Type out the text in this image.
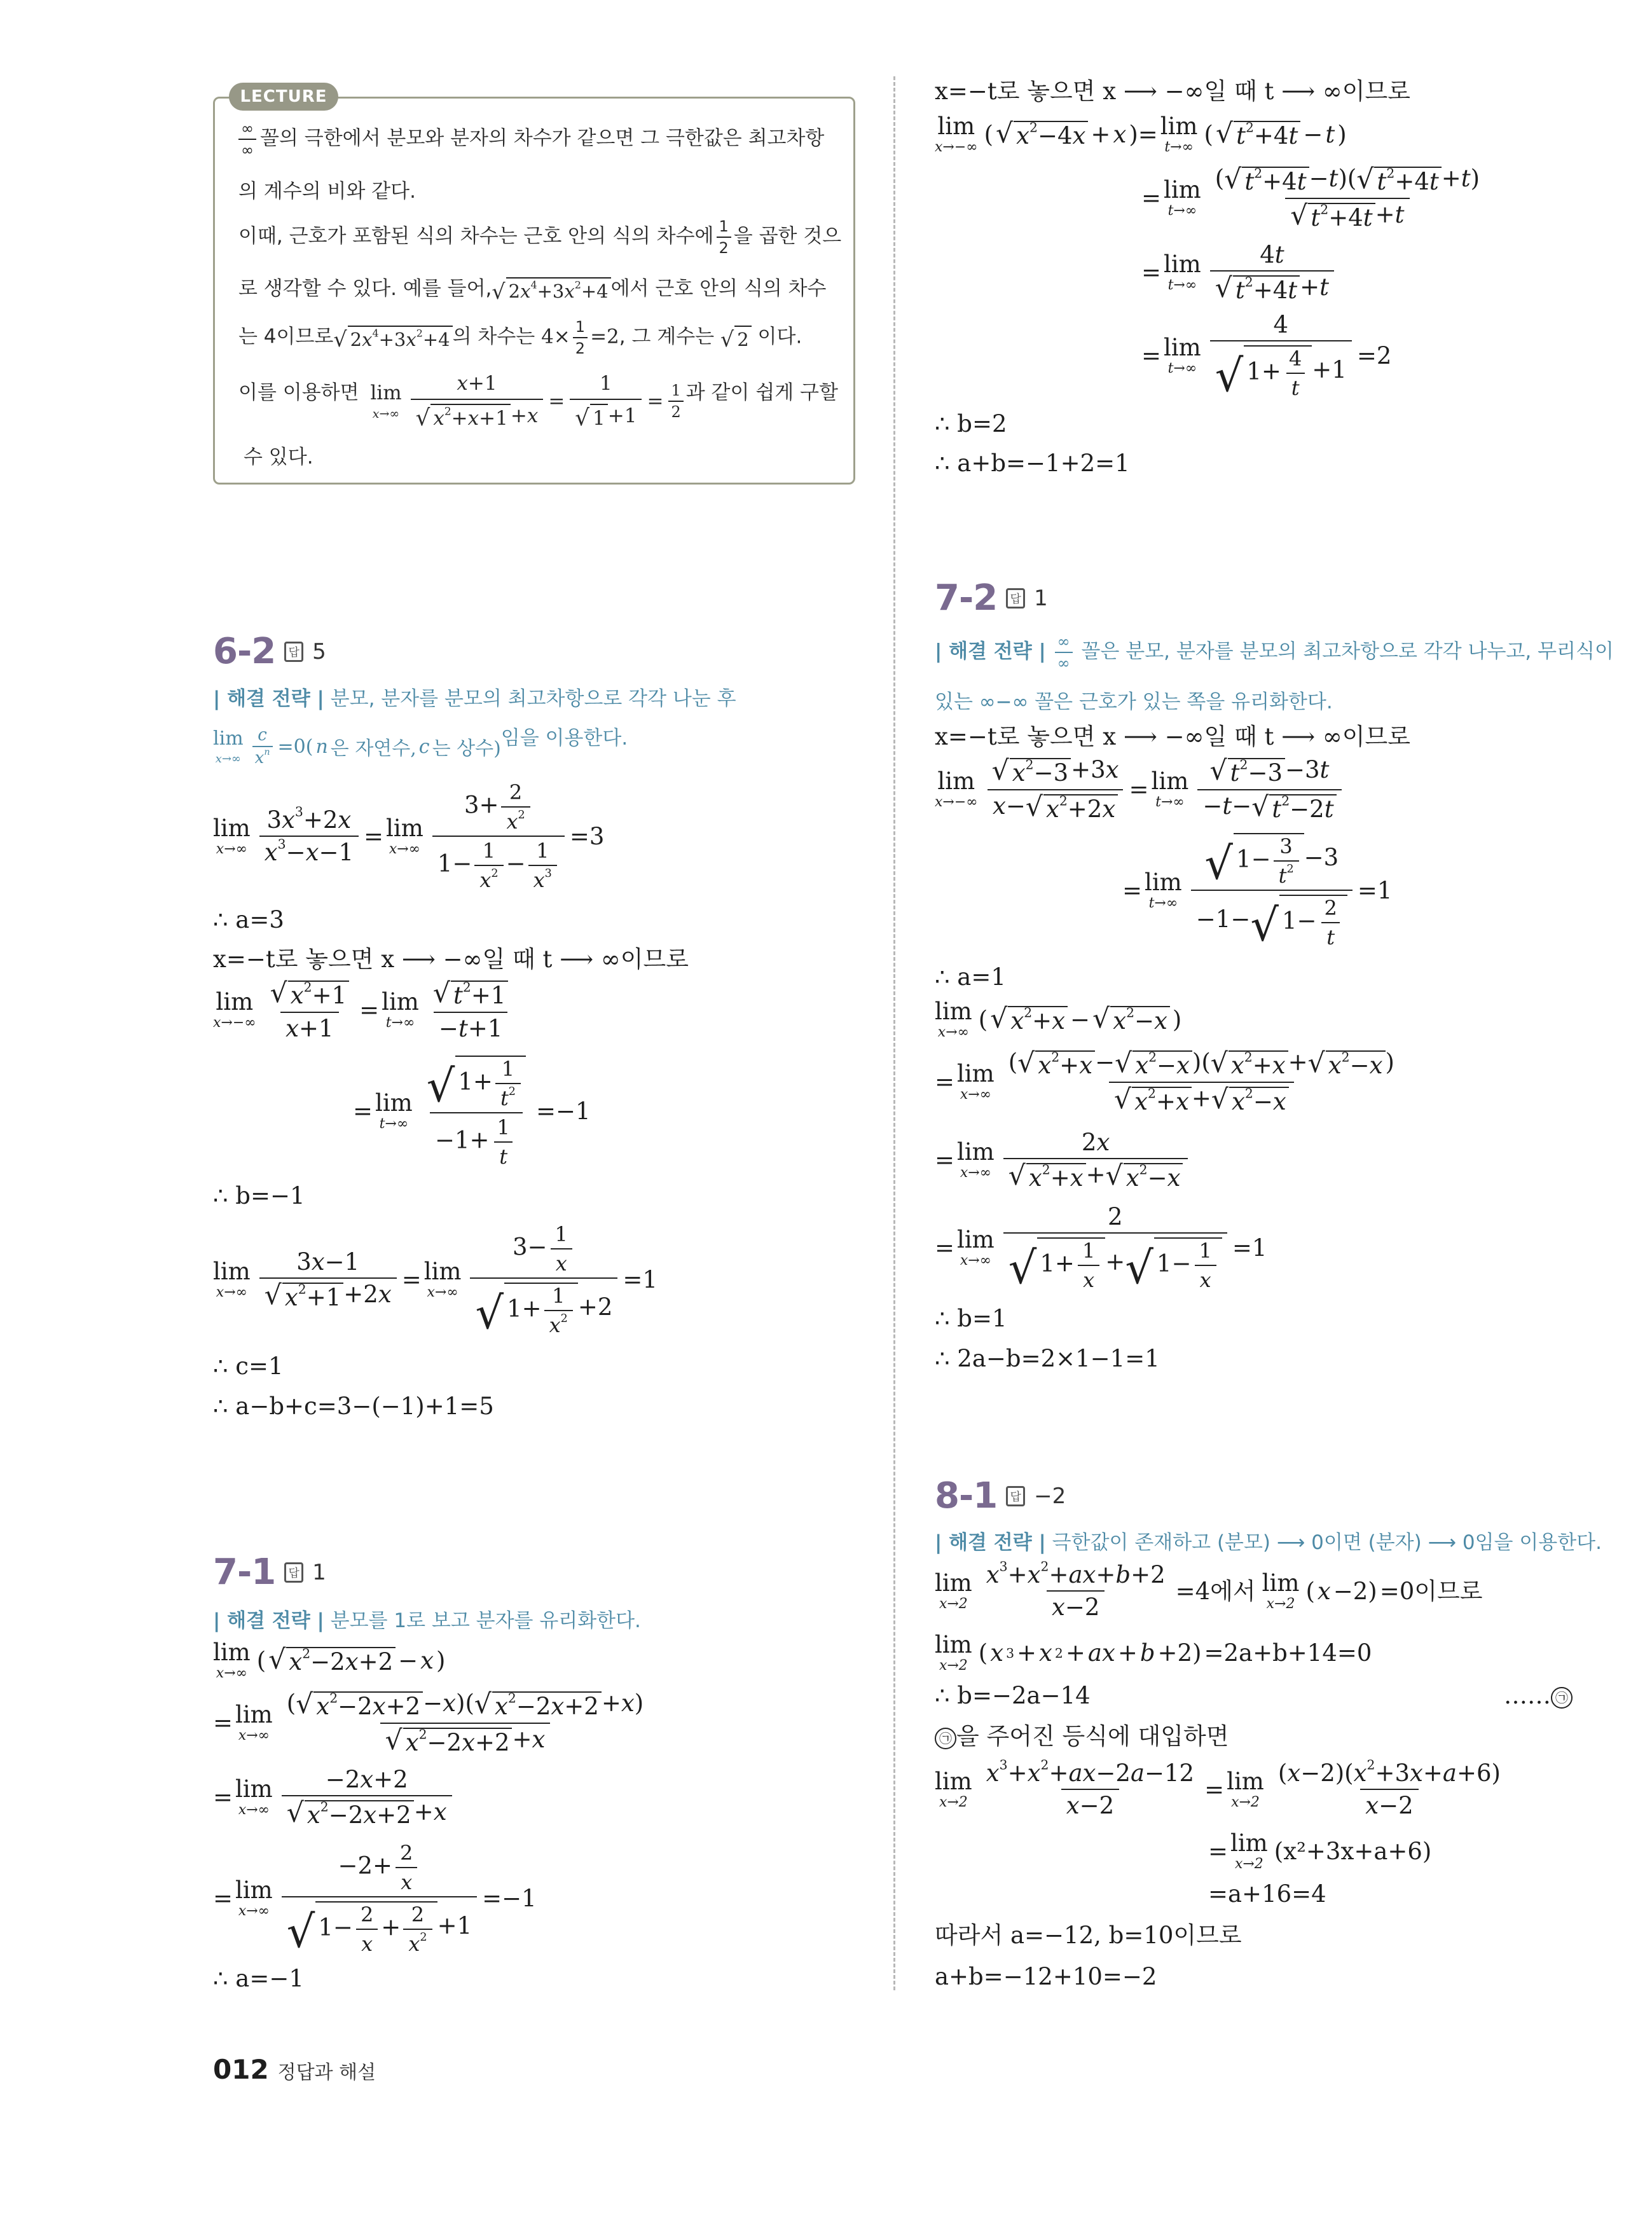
LECTURE
$\frac{\infty}{\infty}$ 꼴의 극한에서 분모와 분자의 차수가 같으면 그 극한값은 최고차항
의 계수의 비와 같다.
이때, 근호가 포함된 식의 차수는 근호 안의 식의 차수에 $\frac{1}{2}$ 을 곱한 것으
로 생각할 수 있다. 예를 들어, √ $2x^4+3x^2+4$ 에서 근호 안의 식의 차수
는 4이므로 √ $2x^4+3x^2+4$ 의 차수는 $4\times \frac{1}{2} =2$, 그 계수는 √ 2 이다.
이를 이용하면 lim
$x\to\infty \frac{x+1}{√ x^2+x+1 +x} = \frac{1}{√ 1 +1} = \frac{1}{2}$ 과 같이 쉽게 구할
수 있다.
6-2	답 5
| 해결 전략 | 분모, 분자를 분모의 최고차항으로 각각 나눈 후
lim
$x\to\infty \frac{c}{x^n} =0$( n 은 자연수, c 는 상수)임을 이용한다.
lim
$x\to\infty \frac{3x^3+2x}{x^3-x-1} = \lim$
$x\to\infty \frac{3+ \frac{2}{x^2}}{1- \frac{1}{x^2} - \frac{1}{x^3}} =3$
∴ a=3
x=−t로 놓으면 x ⟶ −∞일 때 t ⟶ ∞이므로
lim
$x\to-\infty \frac{√ x^2+1}{x+1} = \lim$
$t\to\infty \frac{√ t^2+1}{-t+1}$
= lim
$t\to\infty \frac{√ 1+ \frac{1}{t^2}}{-1+ \frac{1}{t}} =-1$
∴ b=−1
lim
$x\to\infty \frac{3x-1}{√ x^2+1 +2x} = \lim$
$x\to\infty \frac{3- \frac{1}{x}}{√ 1+ \frac{1}{x^2} +2} =1$
∴ c=1
∴ a−b+c=3−(−1)+1=5
7-1	답 1
| 해결 전략 | 분모를 1로 보고 분자를 유리화한다.
lim
x→∞ ( √ $x^2-2x+2 - x$ )
= lim
$x\to\infty \frac{( √ x^2-2x+2 -x)( √ x^2-2x+2 +x)}{√ x^2-2x+2 +x}$
= lim
$x\to\infty \frac{-2x+2}{√ x^2-2x+2 +x}$
= lim
$x\to\infty \frac{-2+ \frac{2}{x}}{√ 1- \frac{2}{x} + \frac{2}{x^2} +1} =-1$
∴ a=−1
x=−t로 놓으면 x ⟶ −∞일 때 t ⟶ ∞이므로
lim
x→−∞ ( √ $x^2-4x + x$ )= lim
t→∞ ( √ $t^2+4t - t$ )
= lim
$t\to\infty \frac{( √ t^2+4t -t)( √ t^2+4t +t)}{√ t^2+4t +t}$
= lim
$t\to\infty \frac{4t}{√ t^2+4t +t}$
= lim
$t\to\infty \frac{4}{√ 1+ \frac{4}{t} +1} =2$
∴ b=2
∴ a+b=−1+2=1
7-2	답 1
| 해결 전략 | $\frac{\infty}{\infty}$ 꼴은 분모, 분자를 분모의 최고차항으로 각각 나누고, 무리식이
있는 ∞−∞ 꼴은 근호가 있는 쪽을 유리화한다.
x=−t로 놓으면 x ⟶ −∞일 때 t ⟶ ∞이므로
lim
$x\to-\infty \frac{√ x^2-3 +3x}{x- √ x^2+2x} = \lim$
$t\to\infty \frac{√ t^2-3 -3t}{-t- √ t^2-2t}$
= lim
$t\to\infty \frac{√ 1- \frac{3}{t^2} -3}{-1- √ 1- \frac{2}{t}} =1$
∴ a=1
lim
x→∞ ( √ $x^2+x$ − √ $x^2-x$ )
= lim
$x\to\infty \frac{( √ x^2+x - √ x^2-x )( √ x^2+x + √ x^2-x )}{√ x^2+x + √ x^2-x}$
= lim
$x\to\infty \frac{2x}{√ x^2+x + √ x^2-x}$
= lim
$x\to\infty \frac{2}{√ 1+ \frac{1}{x} + √ 1- \frac{1}{x}} =1$
∴ b=1
∴ 2a−b=2×1−1=1
8-1	답 −2
| 해결 전략 | 극한값이 존재하고 (분모) ⟶ 0이면 (분자) ⟶ 0임을 이용한다.
lim
$x\to 2 \frac{x^3+x^2+ax+b+2}{x-2} =4$에서 lim
x→2 ( x −2) =0이므로
lim
x→2 ( x 3 + x 2 + ax + b +2) =2a+b+14=0
∴ b=−2a−14	…… ㉠
㉠ 을 주어진 등식에 대입하면
lim
$x\to 2 \frac{x^3+x^2+ax-2a-12}{x-2} = \lim$
$x\to 2 \frac{(x-2)(x^2+3x+a+6)}{x-2}$
= lim
x→2 (x²+3x+a+6)
=a+16=4
따라서 a=−12, b=10이므로
a+b=−12+10=−2
012 정답과 해설
